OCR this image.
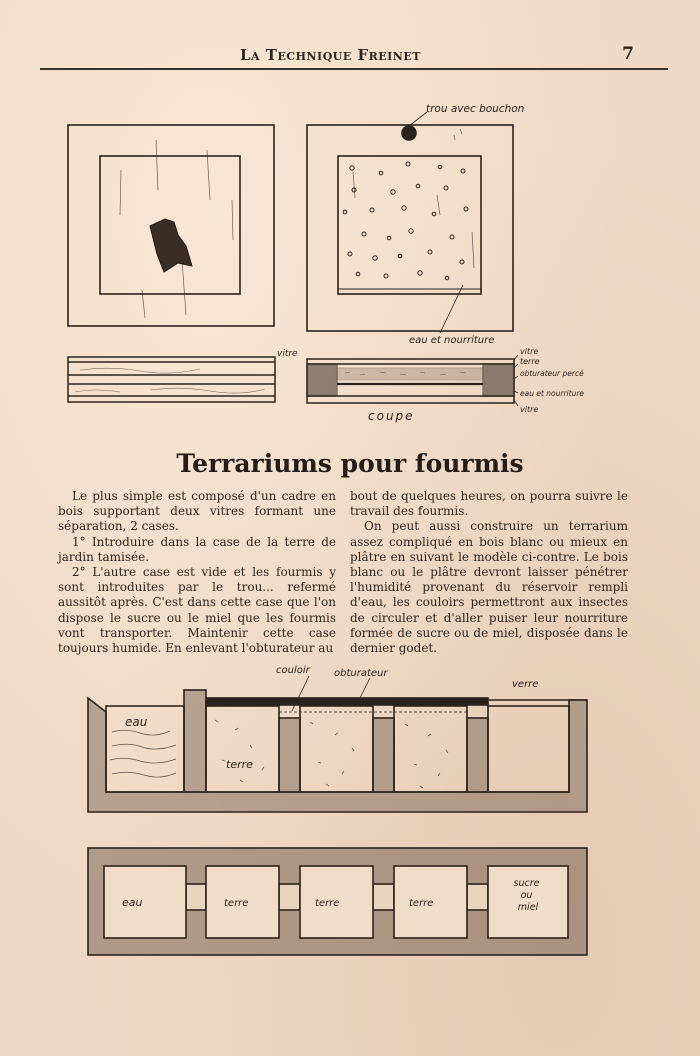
La Technique Freinet	7
trou avec bouchon
eau et nourriture
vitre	vitre
terre
obturateur percé
eau et nourriture
vitre
coupe
Terrariums pour fourmis

Le plus simple est composé d'un cadre en bois supportant deux vitres formant une séparation, 2 cases.

1° Introduire dans la case de la terre de jardin tamisée.

2° L'autre case est vide et les fourmis y sont introduites par le trou... refermé aussitôt après. C'est dans cette case que l'on dispose le sucre ou le miel que les fourmis vont transporter. Maintenir cette case toujours humide. En enlevant l'obturateur au

bout de quelques heures, on pourra suivre le travail des fourmis.

On peut aussi construire un terrarium assez compliqué en bois blanc ou mieux en plâtre en suivant le modèle ci-contre. Le bois blanc ou le plâtre devront laisser pénétrer l'humidité provenant du réservoir rempli d'eau, les couloirs permettront aux insectes de circuler et d'aller puiser leur nourriture formée de sucre ou de miel, disposée dans le dernier godet.

couloir obturateur
verre
eau
terre
eau	terre	terre	terre
sucre ou miel
